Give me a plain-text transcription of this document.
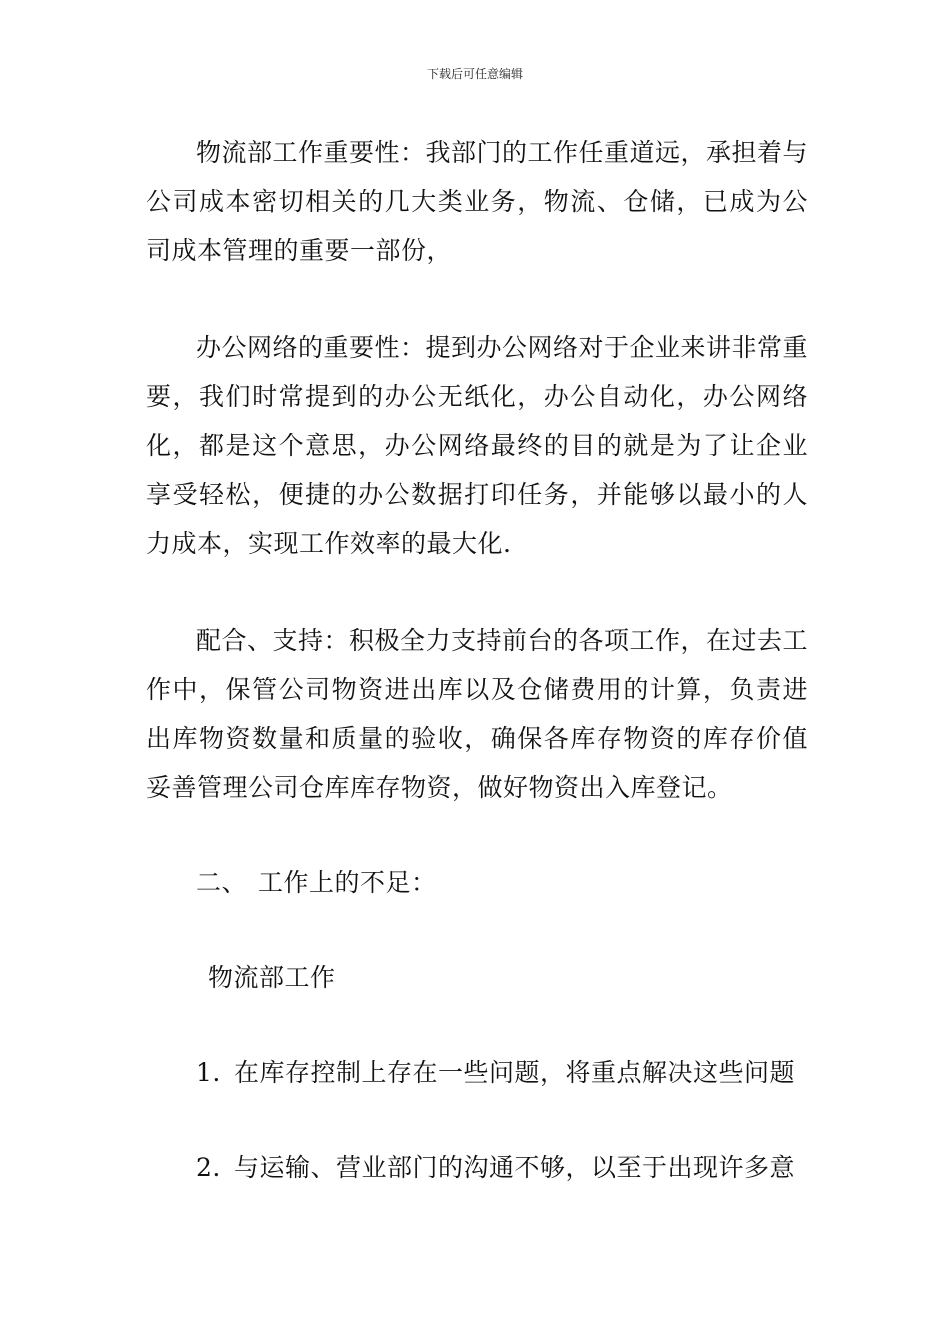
下载后可任意编辑

物流部工作重要性：我部门的工作任重道远，承担着与公司成本密切相关的几大类业务，物流、仓储，已成为公司成本管理的重要一部份，

办公网络的重要性：提到办公网络对于企业来讲非常重要，我们时常提到的办公无纸化，办公自动化，办公网络化，都是这个意思，办公网络最终的目的就是为了让企业享受轻松，便捷的办公数据打印任务，并能够以最小的人力成本，实现工作效率的最大化.

配合、支持：积极全力支持前台的各项工作，在过去工作中，保管公司物资进出库以及仓储费用的计算，负责进出库物资数量和质量的验收，确保各库存物资的库存价值妥善管理公司仓库库存物资，做好物资出入库登记。

二、 工作上的不足：

物流部工作

1. 在库存控制上存在一些问题，将重点解决这些问题

2. 与运输、营业部门的沟通不够，以至于出现许多意
